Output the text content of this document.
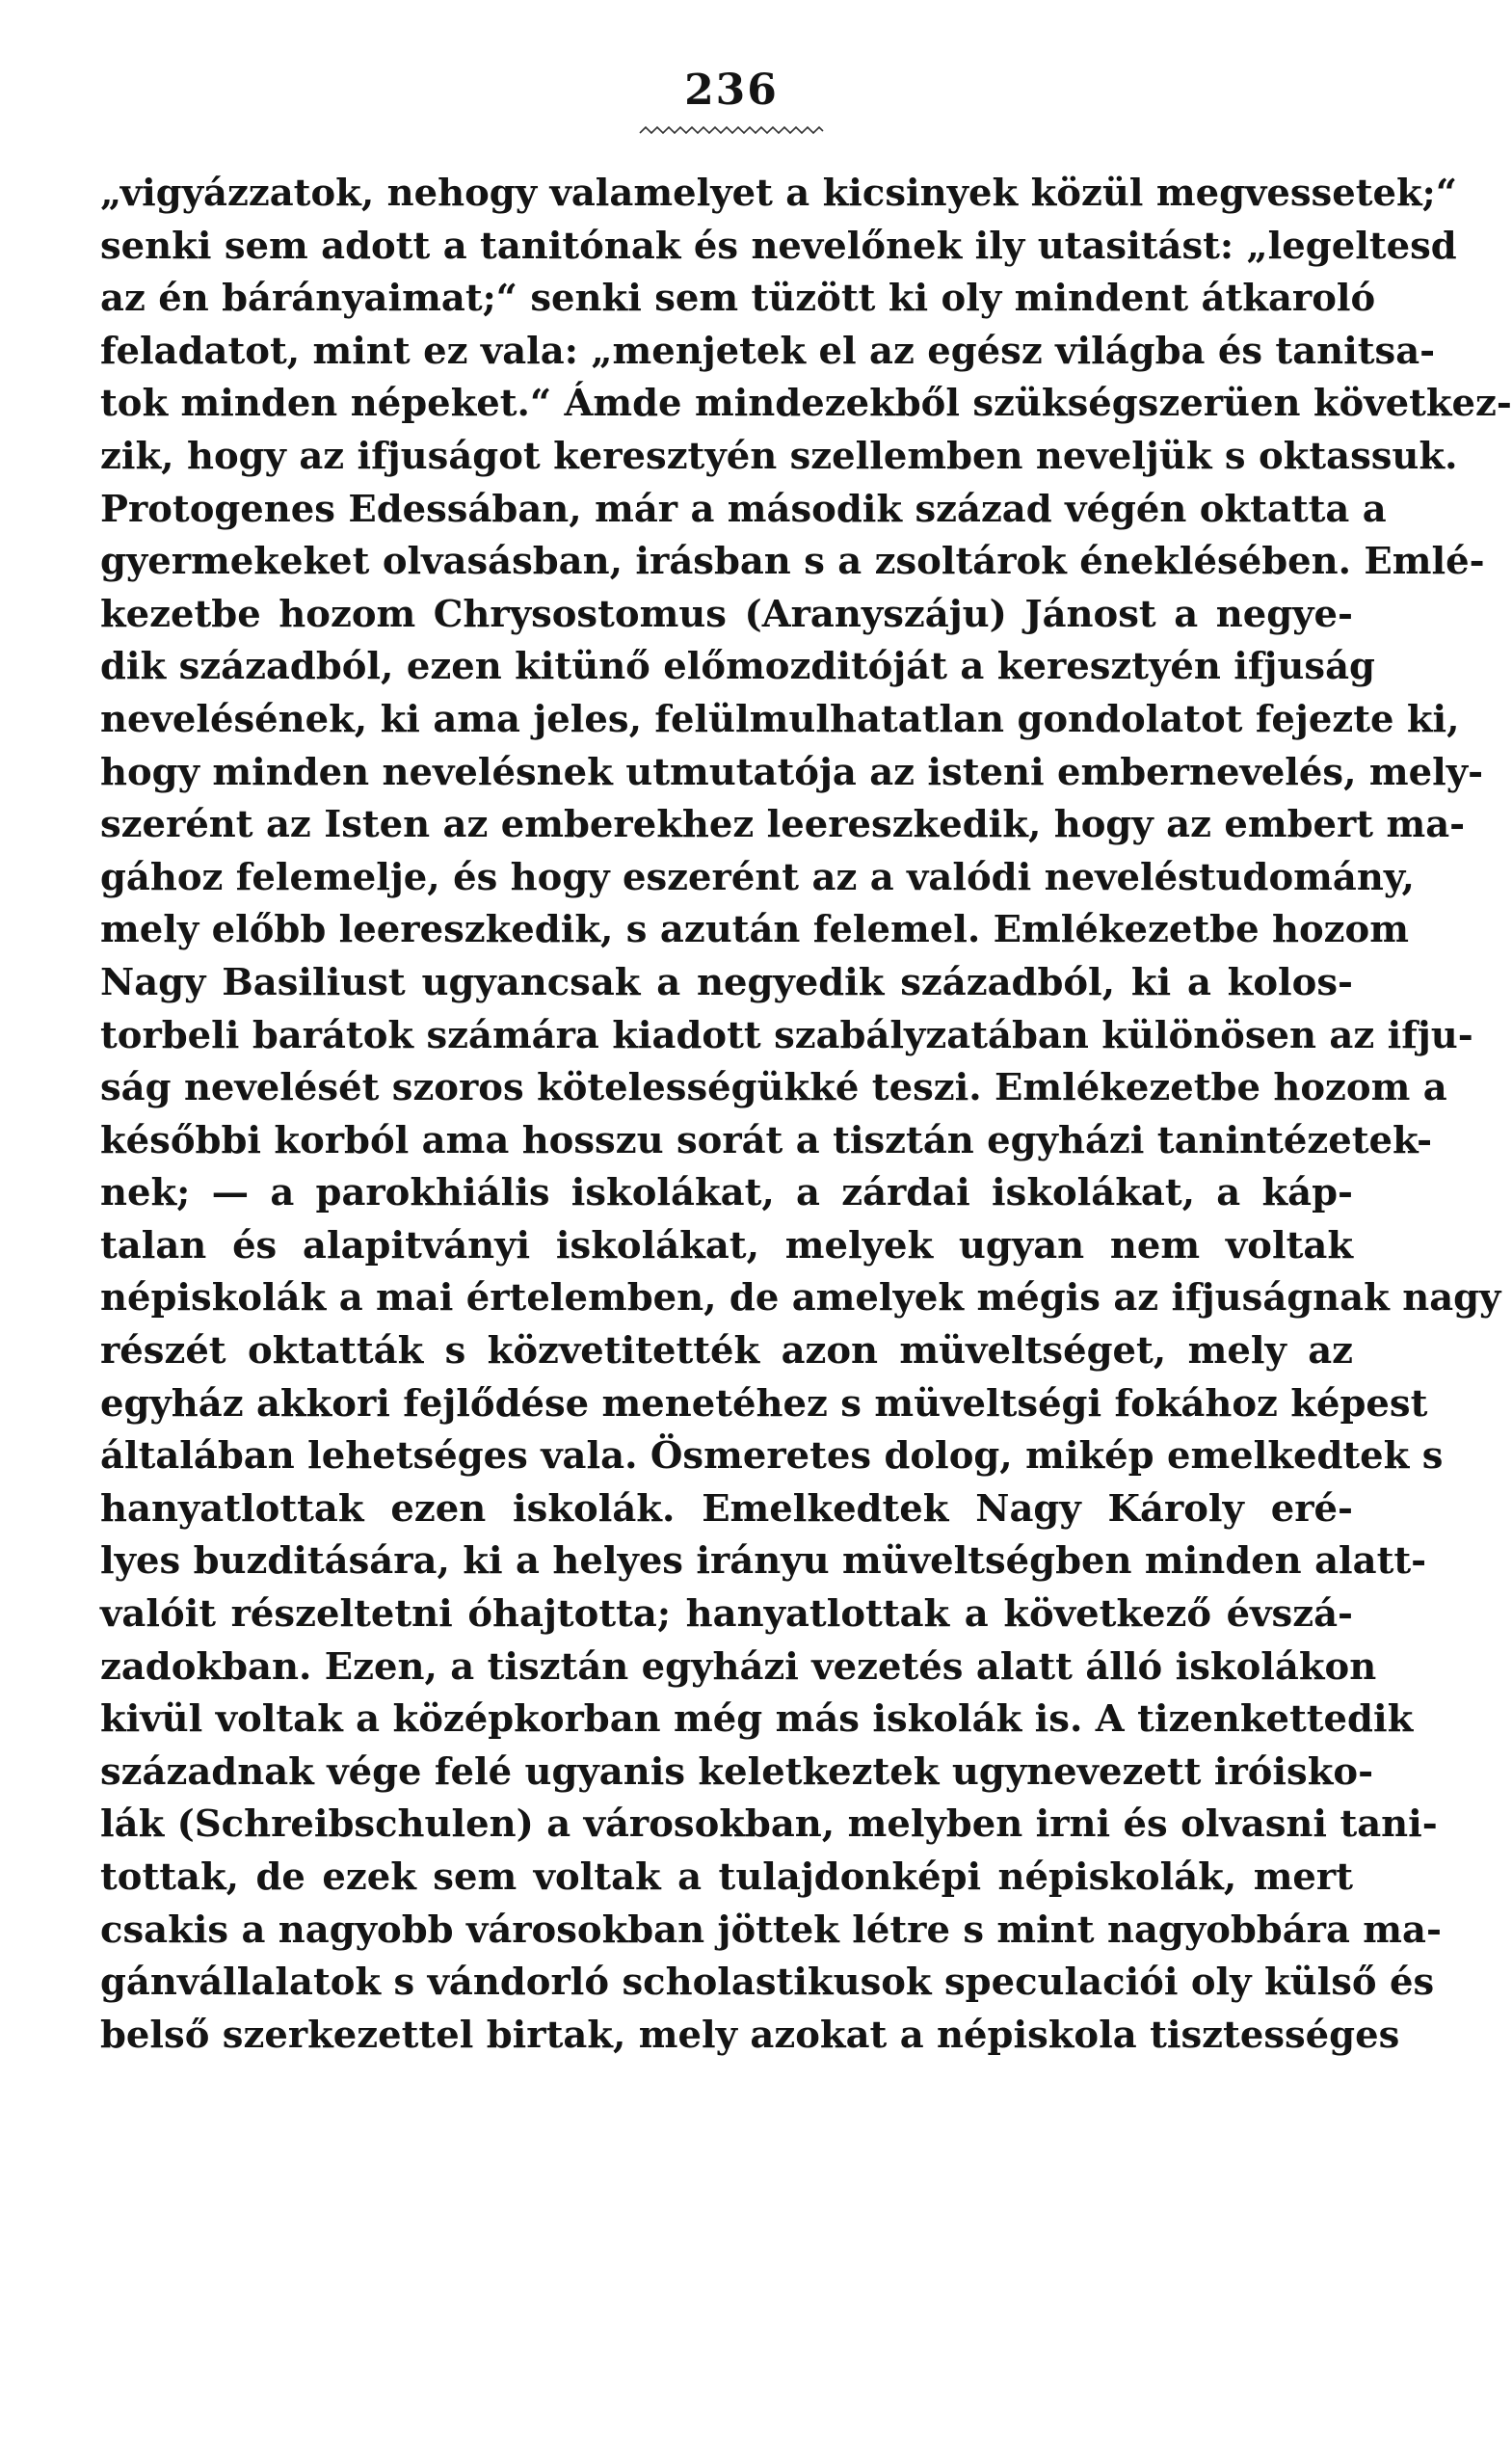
236
„vigyázzatok, nehogy valamelyet a kicsinyek közül megvessetek;“
senki sem adott a tanitónak és nevelőnek ily utasitást: „legeltesd
az én bárányaimat;“ senki sem tüzött ki oly mindent átkaroló
feladatot, mint ez vala: „menjetek el az egész világba és tanitsa-
tok minden népeket.“ Ámde mindezekből szükségszerüen következ-
zik, hogy az ifjuságot keresztyén szellemben neveljük s oktassuk.
Protogenes Edessában, már a második század végén oktatta a
gyermekeket olvasásban, irásban s a zsoltárok éneklésében. Emlé-
kezetbe hozom Chrysostomus (Aranyszáju) Jánost a negye-
dik századból, ezen kitünő előmozditóját a keresztyén ifjuság
nevelésének, ki ama jeles, felülmulhatatlan gondolatot fejezte ki,
hogy minden nevelésnek utmutatója az isteni embernevelés, mely-
szerént az Isten az emberekhez leereszkedik, hogy az embert ma-
gához felemelje, és hogy eszerént az a valódi neveléstudomány,
mely előbb leereszkedik, s azután felemel. Emlékezetbe hozom
Nagy Basiliust ugyancsak a negyedik századból, ki a kolos-
torbeli barátok számára kiadott szabályzatában különösen az ifju-
ság nevelését szoros kötelességükké teszi. Emlékezetbe hozom a
későbbi korból ama hosszu sorát a tisztán egyházi tanintézetek-
nek; — a parokhiális iskolákat, a zárdai iskolákat, a káp-
talan és alapitványi iskolákat, melyek ugyan nem voltak
népiskolák a mai értelemben, de amelyek mégis az ifjuságnak nagy
részét oktatták s közvetitették azon müveltséget, mely az
egyház akkori fejlődése menetéhez s müveltségi fokához képest
általában lehetséges vala. Ösmeretes dolog, mikép emelkedtek s
hanyatlottak ezen iskolák. Emelkedtek Nagy Károly eré-
lyes buzditására, ki a helyes irányu müveltségben minden alatt-
valóit részeltetni óhajtotta; hanyatlottak a következő évszá-
zadokban. Ezen, a tisztán egyházi vezetés alatt álló iskolákon
kivül voltak a középkorban még más iskolák is. A tizenkettedik
századnak vége felé ugyanis keletkeztek ugynevezett iróisko-
lák (Schreibschulen) a városokban, melyben irni és olvasni tani-
tottak, de ezek sem voltak a tulajdonképi népiskolák, mert
csakis a nagyobb városokban jöttek létre s mint nagyobbára ma-
gánvállalatok s vándorló scholastikusok speculaciói oly külső és
belső szerkezettel birtak, mely azokat a népiskola tisztességes
